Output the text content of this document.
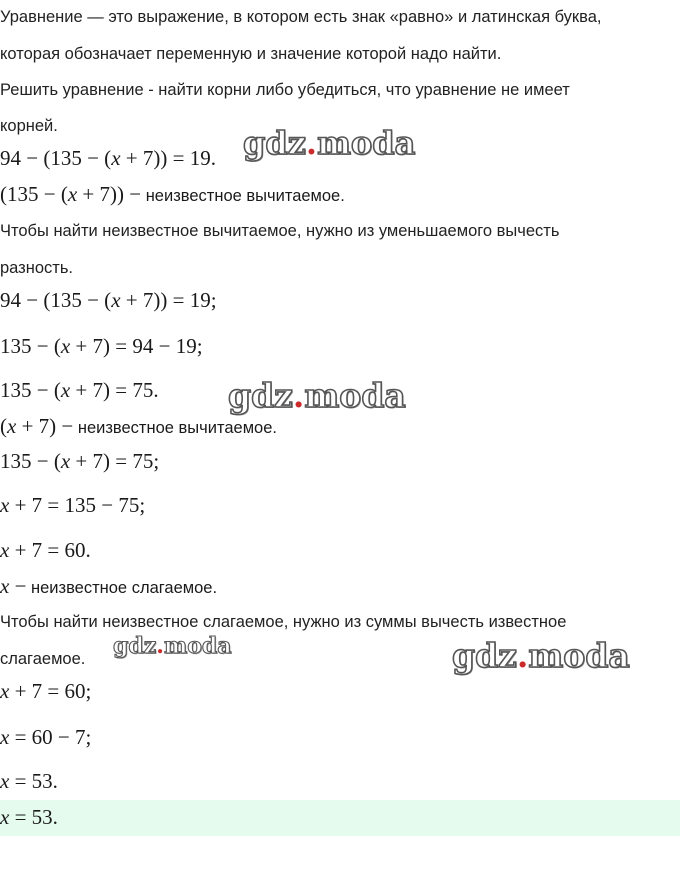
Уравнение — это выражение, в котором есть знак «равно» и латинская буква,
которая обозначает переменную и значение которой надо найти.
Решить уравнение - найти корни либо убедиться, что уравнение не имеет
корней.
94 − (135 − (x + 7)) = 19.
(135 − (x + 7)) − неизвестное вычитаемое.
Чтобы найти неизвестное вычитаемое, нужно из уменьшаемого вычесть
разность.
94 − (135 − (x + 7)) = 19;
135 − (x + 7) = 94 − 19;
135 − (x + 7) = 75.
(x + 7) − неизвестное вычитаемое.
135 − (x + 7) = 75;
x + 7 = 135 − 75;
x + 7 = 60.
x − неизвестное слагаемое.
Чтобы найти неизвестное слагаемое, нужно из суммы вычесть известное
слагаемое.
x + 7 = 60;
x = 60 − 7;
x = 53.
x = 53.
gdz.moda
gdz.moda
gdz.moda	gdz.moda
